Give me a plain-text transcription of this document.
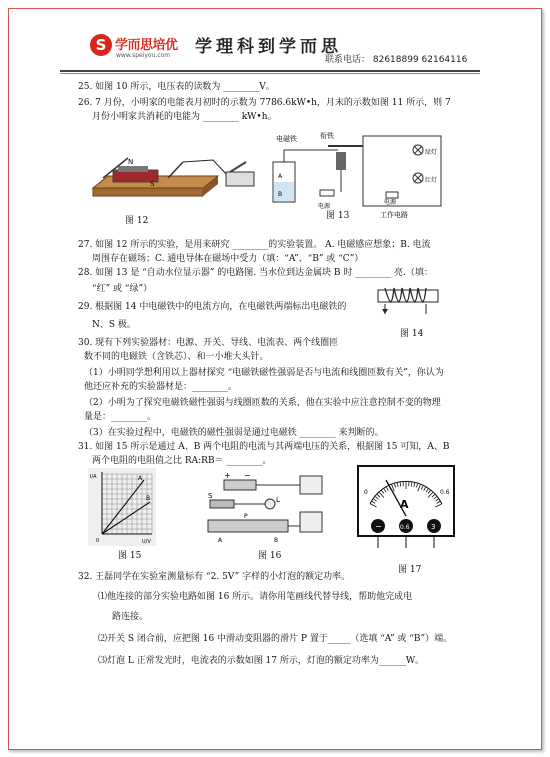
S 学而思培优
www.speiyou.com 学理科到学而思
联系电话： 82618899 62164116
25. 如图 10 所示，电压表的读数为 ________V。
26. 7 月份，小明家的电能表月初时的示数为 7786.6kW•h，月末的示数如图 11 所示，则 7
月份小明家共消耗的电能为 ________ kW•h。
N
S
图 12
电磁铁	衔铁
A
B
电源
绿灯
红灯
电源
工作电路
图 13
27. 如图 12 所示的实验，是用来研究 ________的实验装置。 A. 电磁感应想象；B. 电流
周围存在磁场；C. 通电导体在磁场中受力（填：“A”、“B” 或 “C”）
28. 如图 13 是 “自动水位显示器” 的电路图. 当水位到达金属块 B 时 ________ 亮.（填：
“红” 或 “绿”）
29. 根据图 14 中电磁铁中的电流方向，在电磁铁两端标出电磁铁的
N、S 极。
图 14
30. 现有下列实验器材：电源、开关、导线、电流表、两个线圈匝
数不同的电磁铁（含铁芯）、和一小堆大头针。
（1）小明同学想利用以上器材探究 “电磁铁磁性强弱是否与电流和线圈匝数有关”，你认为
他还应补充的实验器材是：________。
（2）小明为了探究电磁铁磁性强弱与线圈匝数的关系，他在实验中应注意控制不变的物理
量是：________。
（3）在实验过程中，电磁铁的磁性强弱是通过电磁铁 ________ 来判断的。
31. 如图 15 所示是通过 A、B 两个电阻的电流与其两端电压的关系，根据图 15 可知，A、B
两个电阻的电阻值之比 RA:RB＝ ________。
I/A
U/V
A
B
0
图 15
+ −
S	L
A	B
P
图 16
0	0.6
A
−	0.6	3
图 17
32. 王磊同学在实验室测量标有 “2. 5V” 字样的小灯泡的额定功率。
⑴他连接的部分实验电路如图 16 所示。请你用笔画线代替导线，帮助他完成电
路连接。
⑵开关 S 闭合前，应把图 16 中滑动变阻器的滑片 P 置于_____（选填 “A” 或 “B”）端。
⑶灯泡 L 正常发光时，电流表的示数如图 17 所示，灯泡的额定功率为______W。
